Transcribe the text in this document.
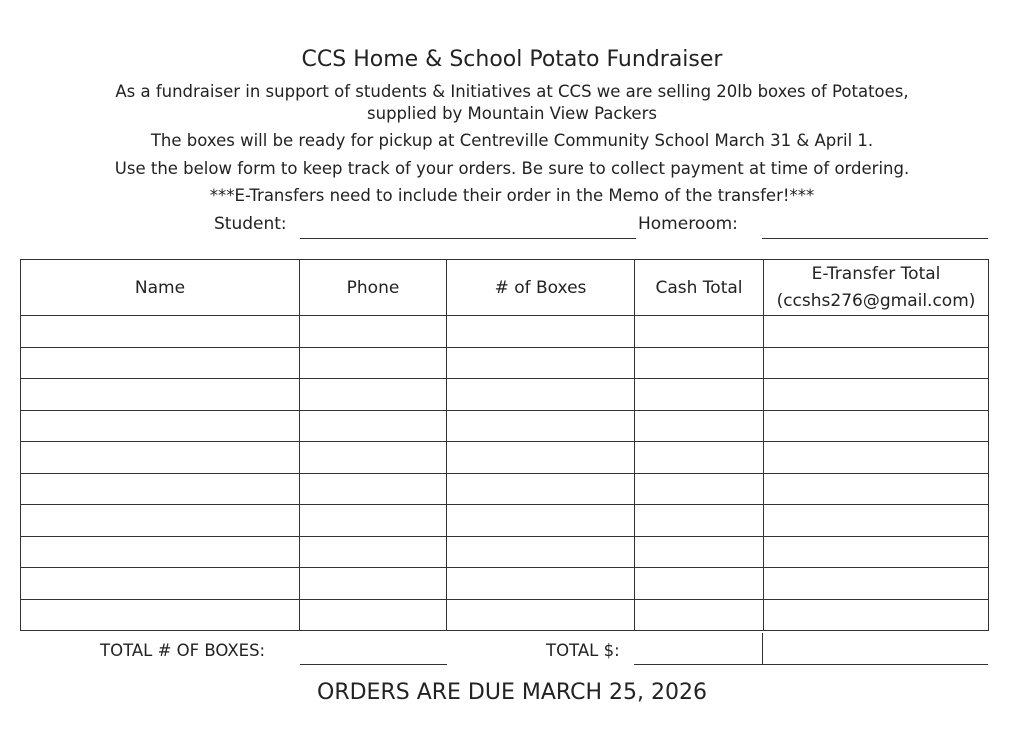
CCS Home & School Potato Fundraiser
As a fundraiser in support of students & Initiatives at CCS we are selling 20lb boxes of Potatoes,
supplied by Mountain View Packers
The boxes will be ready for pickup at Centreville Community School March 31 & April 1.
Use the below form to keep track of your orders. Be sure to collect payment at time of ordering.
***E-Transfers need to include their order in the Memo of the transfer!***
Student:	Homeroom:
Name	Phone	# of Boxes	Cash Total	E-Transfer Total
(ccshs276@gmail.com)

TOTAL # OF BOXES:	TOTAL $:
ORDERS ARE DUE MARCH 25, 2026
